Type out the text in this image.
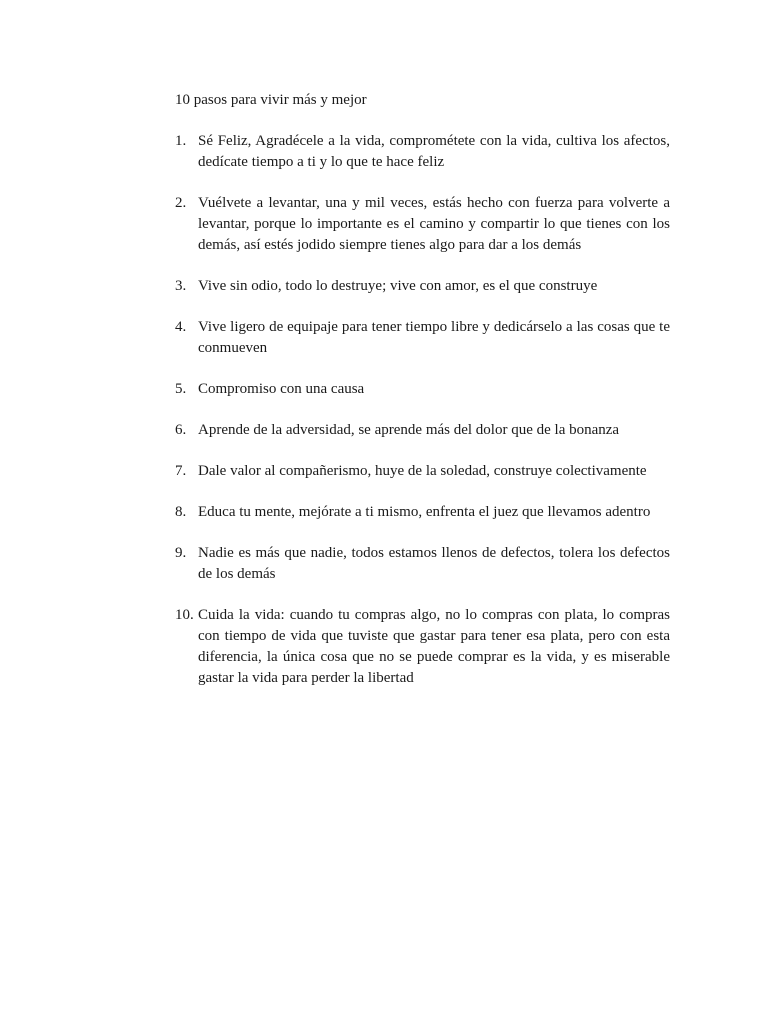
10 pasos para vivir más y mejor

1. Sé Feliz, Agradécele a la vida, comprométete con la vida, cultiva los afectos, dedícate tiempo a ti y lo que te hace feliz
2. Vuélvete a levantar, una y mil veces, estás hecho con fuerza para volverte a levantar, porque lo importante es el camino y compartir lo que tienes con los demás, así estés jodido siempre tienes algo para dar a los demás
3. Vive sin odio, todo lo destruye; vive con amor, es el que construye
4. Vive ligero de equipaje para tener tiempo libre y dedicárselo a las cosas que te conmueven
5. Compromiso con una causa
6. Aprende de la adversidad, se aprende más del dolor que de la bonanza
7. Dale valor al compañerismo, huye de la soledad, construye colectivamente
8. Educa tu mente, mejórate a ti mismo, enfrenta el juez que llevamos adentro
9. Nadie es más que nadie, todos estamos llenos de defectos, tolera los defectos de los demás
10. Cuida la vida: cuando tu compras algo, no lo compras con plata, lo compras con tiempo de vida que tuviste que gastar para tener esa plata, pero con esta diferencia, la única cosa que no se puede comprar es la vida, y es miserable gastar la vida para perder la libertad
